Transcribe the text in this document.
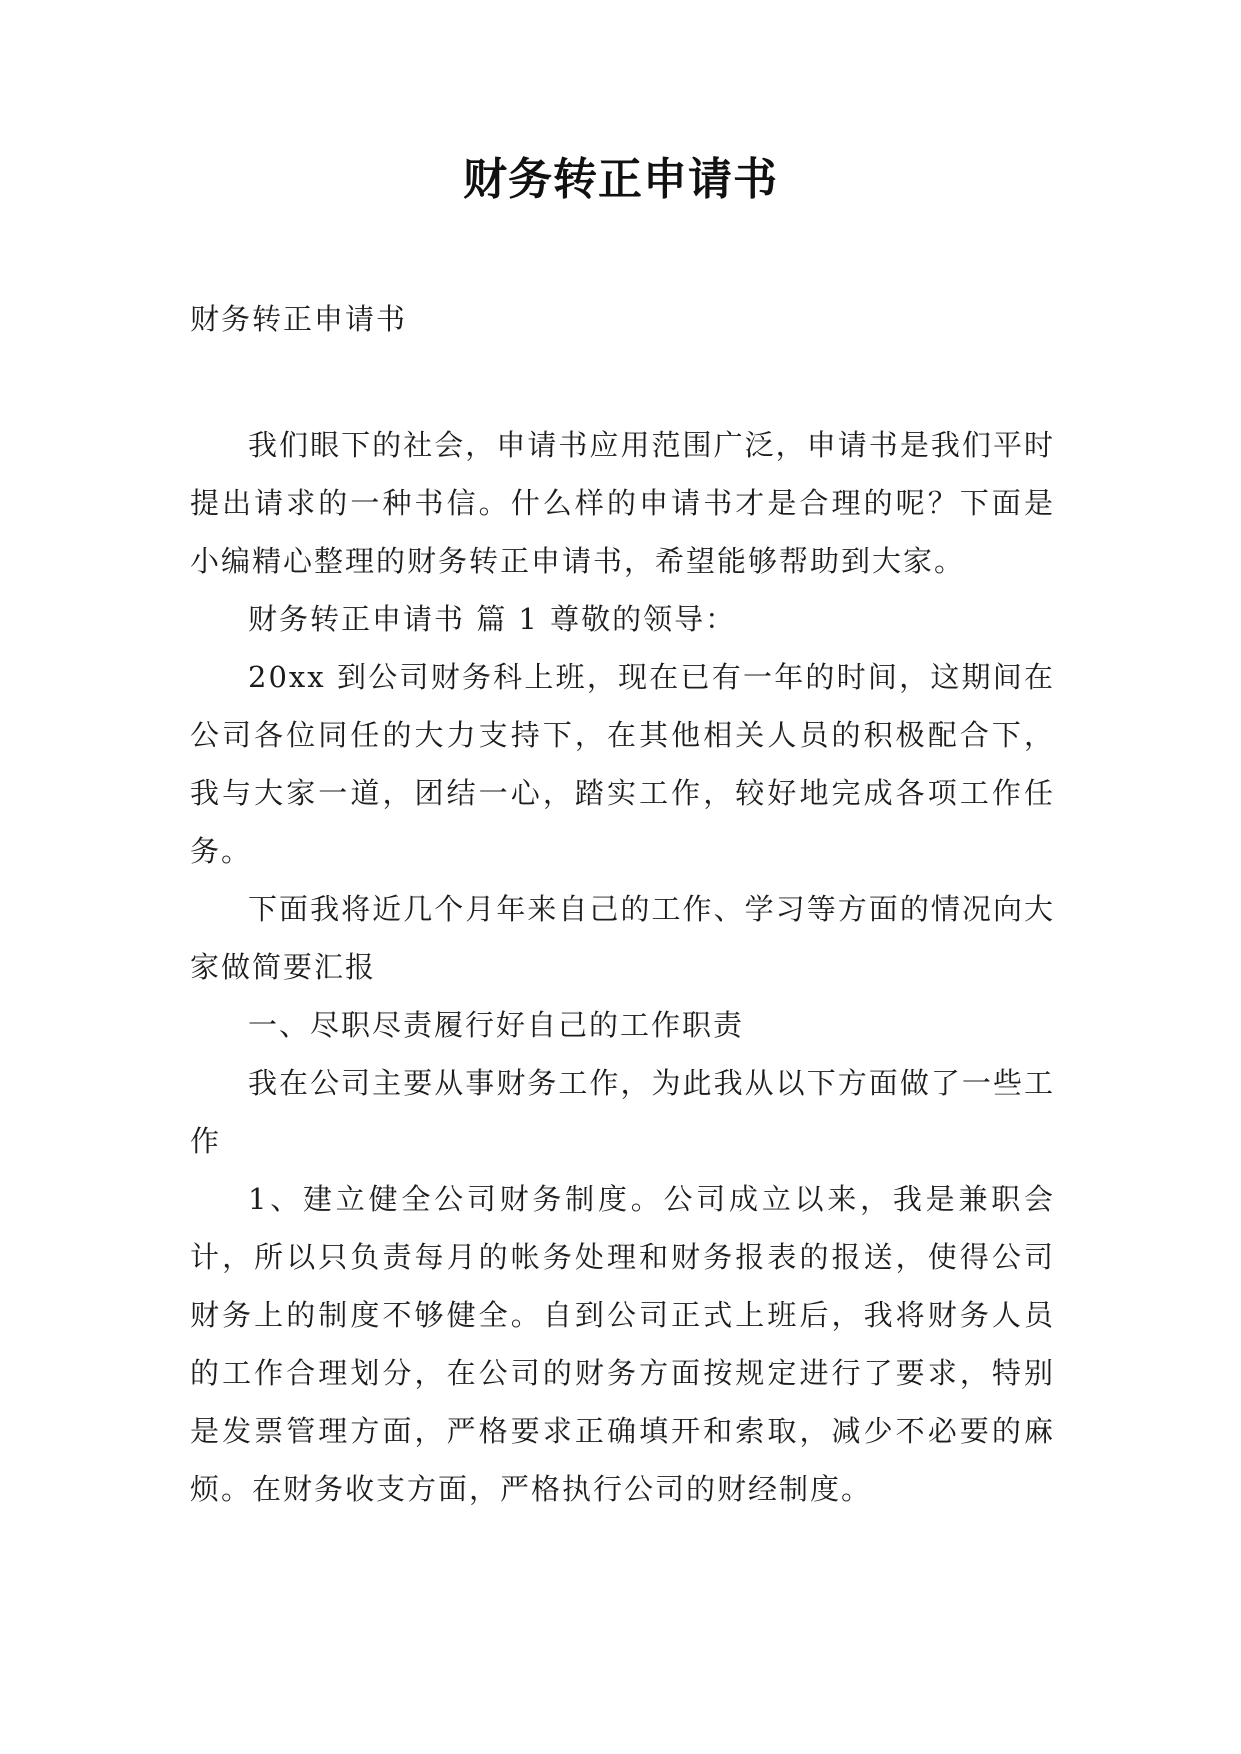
财务转正申请书
财务转正申请书

我们眼下的社会，申请书应用范围广泛，申请书是我们平时提出请求的一种书信。什么样的申请书才是合理的呢？下面是小编精心整理的财务转正申请书，希望能够帮助到大家。

财务转正申请书 篇 1 尊敬的领导：

20xx 到公司财务科上班，现在已有一年的时间，这期间在公司各位同任的大力支持下，在其他相关人员的积极配合下，我与大家一道，团结一心，踏实工作，较好地完成各项工作任务。

下面我将近几个月年来自己的工作、学习等方面的情况向大家做简要汇报

一、尽职尽责履行好自己的工作职责

我在公司主要从事财务工作，为此我从以下方面做了一些工作

1、建立健全公司财务制度。公司成立以来，我是兼职会计，所以只负责每月的帐务处理和财务报表的报送，使得公司财务上的制度不够健全。自到公司正式上班后，我将财务人员的工作合理划分，在公司的财务方面按规定进行了要求，特别是发票管理方面，严格要求正确填开和索取，减少不必要的麻烦。在财务收支方面，严格执行公司的财经制度。
